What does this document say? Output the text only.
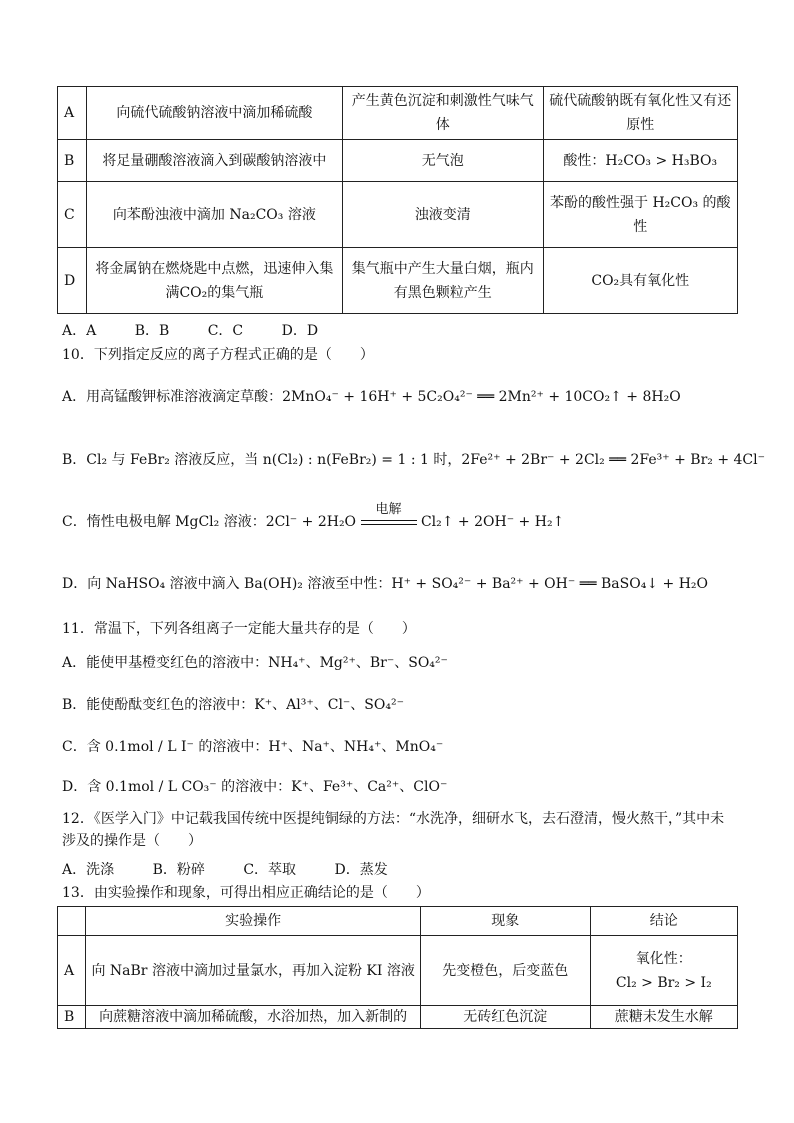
A	向硫代硫酸钠溶液中滴加稀硫酸	产生黄色沉淀和刺激性气味气体	硫代硫酸钠既有氧化性又有还原性
B	将足量硼酸溶液滴入到碳酸钠溶液中	无气泡	酸性：H₂CO₃ > H₃BO₃
C	向苯酚浊液中滴加 Na₂CO₃ 溶液	浊液变清	苯酚的酸性强于 H₂CO₃ 的酸性
D	将金属钠在燃烧匙中点燃，迅速伸入集满CO₂的集气瓶	集气瓶中产生大量白烟，瓶内有黑色颗粒产生	CO₂具有氧化性
A．A	B．B	C．C	D．D
10．下列指定反应的离子方程式正确的是（　　）
A．用高锰酸钾标准溶液滴定草酸：2MnO₄⁻ + 16H⁺ + 5C₂O₄²⁻ ══ 2Mn²⁺ + 10CO₂↑ + 8H₂O
B．Cl₂ 与 FeBr₂ 溶液反应，当 n(Cl₂) : n(FeBr₂) = 1 : 1 时，2Fe²⁺ + 2Br⁻ + 2Cl₂ ══ 2Fe³⁺ + Br₂ + 4Cl⁻
C．惰性电极电解 MgCl₂ 溶液：2Cl⁻ + 2H₂O
电解
Cl₂↑ + 2OH⁻ + H₂↑
D．向 NaHSO₄ 溶液中滴入 Ba(OH)₂ 溶液至中性：H⁺ + SO₄²⁻ + Ba²⁺ + OH⁻ ══ BaSO₄↓ + H₂O
11．常温下，下列各组离子一定能大量共存的是（　　）
A．能使甲基橙变红色的溶液中：NH₄⁺、Mg²⁺、Br⁻、SO₄²⁻
B．能使酚酞变红色的溶液中：K⁺、Al³⁺、Cl⁻、SO₄²⁻
C．含 0.1mol / L I⁻ 的溶液中：H⁺、Na⁺、NH₄⁺、MnO₄⁻
D．含 0.1mol / L CO₃⁻ 的溶液中：K⁺、Fe³⁺、Ca²⁺、ClO⁻
12．《医学入门》中记载我国传统中医提纯铜绿的方法：“水洗净，细研水飞，去石澄清，慢火熬干，”其中未涉及的操作是（　　）
A．洗涤	B．粉碎	C．萃取	D．蒸发
13．由实验操作和现象，可得出相应正确结论的是（　　）
	实验操作	现象	结论
A	向 NaBr 溶液中滴加过量氯水，再加入淀粉 KI 溶液	先变橙色，后变蓝色	氧化性：
Cl₂ > Br₂ > I₂

B	向蔗糖溶液中滴加稀硫酸，水浴加热，加入新制的	无砖红色沉淀	蔗糖未发生水解
